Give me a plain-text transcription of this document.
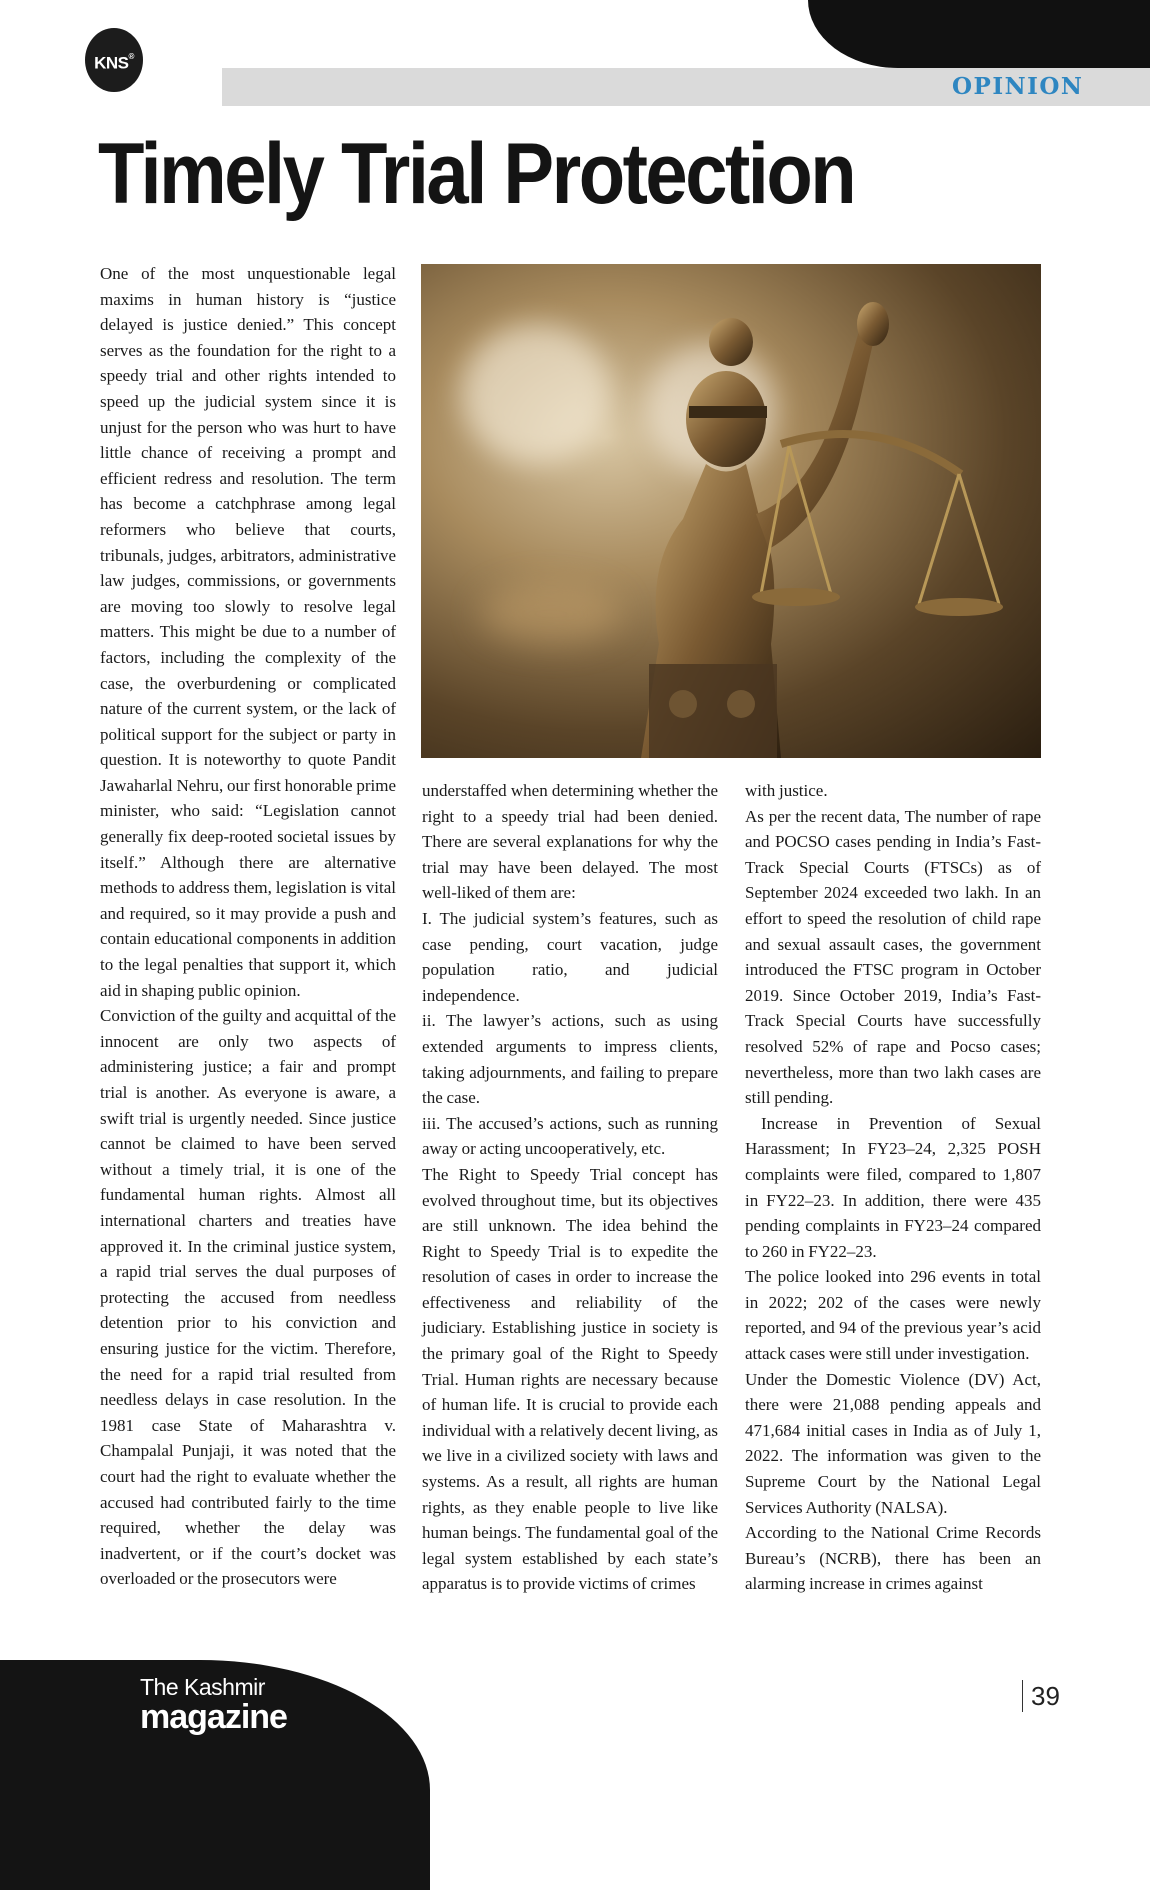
OPINION
KNS®
Timely Trial Protection

One of the most unquestionable legal maxims in human history is “justice delayed is justice denied.” This concept serves as the foundation for the right to a speedy trial and other rights intended to speed up the judicial system since it is unjust for the person who was hurt to have little chance of receiving a prompt and efficient redress and resolution. The term has become a catchphrase among legal reformers who believe that courts, tribunals, judges, arbitrators, administrative law judges, commissions, or governments are moving too slowly to resolve legal matters. This might be due to a number of factors, including the complexity of the case, the overburdening or complicated nature of the current system, or the lack of political support for the subject or party in question. It is noteworthy to quote Pandit Jawaharlal Nehru, our first honorable prime minister, who said: “Legislation cannot generally fix deep-rooted societal issues by itself.” Although there are alternative methods to address them, legislation is vital and required, so it may provide a push and contain educational components in addition to the legal penalties that support it, which aid in shaping public opinion.

Conviction of the guilty and acquittal of the innocent are only two aspects of administering justice; a fair and prompt trial is another. As everyone is aware, a swift trial is urgently needed. Since justice cannot be claimed to have been served without a timely trial, it is one of the fundamental human rights. Almost all international charters and treaties have approved it. In the criminal justice system, a rapid trial serves the dual purposes of protecting the accused from needless detention prior to his conviction and ensuring justice for the victim. Therefore, the need for a rapid trial resulted from needless delays in case resolution. In the 1981 case State of Maharashtra v. Champalal Punjaji, it was noted that the court had the right to evaluate whether the accused had contributed fairly to the time required, whether the delay was inadvertent, or if the court’s docket was overloaded or the prosecutors were

understaffed when determining whether the right to a speedy trial had been denied. There are several explanations for why the trial may have been delayed. The most well-liked of them are:

I. The judicial system’s features, such as case pending, court vacation, judge population ratio, and judicial independence.

ii. The lawyer’s actions, such as using extended arguments to impress clients, taking adjournments, and failing to prepare the case.

iii. The accused’s actions, such as running away or acting uncooperatively, etc.

The Right to Speedy Trial concept has evolved throughout time, but its objectives are still unknown. The idea behind the Right to Speedy Trial is to expedite the resolution of cases in order to increase the effectiveness and reliability of the judiciary. Establishing justice in society is the primary goal of the Right to Speedy Trial. Human rights are necessary because of human life. It is crucial to provide each individual with a relatively decent living, as we live in a civilized society with laws and systems. As a result, all rights are human rights, as they enable people to live like human beings. The fundamental goal of the legal system established by each state’s apparatus is to provide victims of crimes

with justice.

As per the recent data, The number of rape and POCSO cases pending in India’s Fast-Track Special Courts (FTSCs) as of September 2024 exceeded two lakh. In an effort to speed the resolution of child rape and sexual assault cases, the government introduced the FTSC program in October 2019. Since October 2019, India’s Fast-Track Special Courts have successfully resolved 52% of rape and Pocso cases; nevertheless, more than two lakh cases are still pending.

Increase in Prevention of Sexual Harassment; In FY23–24, 2,325 POSH complaints were filed, compared to 1,807 in FY22–23. In addition, there were 435 pending complaints in FY23–24 compared to 260 in FY22–23.

The police looked into 296 events in total in 2022; 202 of the cases were newly reported, and 94 of the previous year’s acid attack cases were still under investigation.

Under the Domestic Violence (DV) Act, there were 21,088 pending appeals and 471,684 initial cases in India as of July 1, 2022. The information was given to the Supreme Court by the National Legal Services Authority (NALSA).

According to the National Crime Records Bureau’s (NCRB), there has been an alarming increase in crimes against

The Kashmir
magazine
39
